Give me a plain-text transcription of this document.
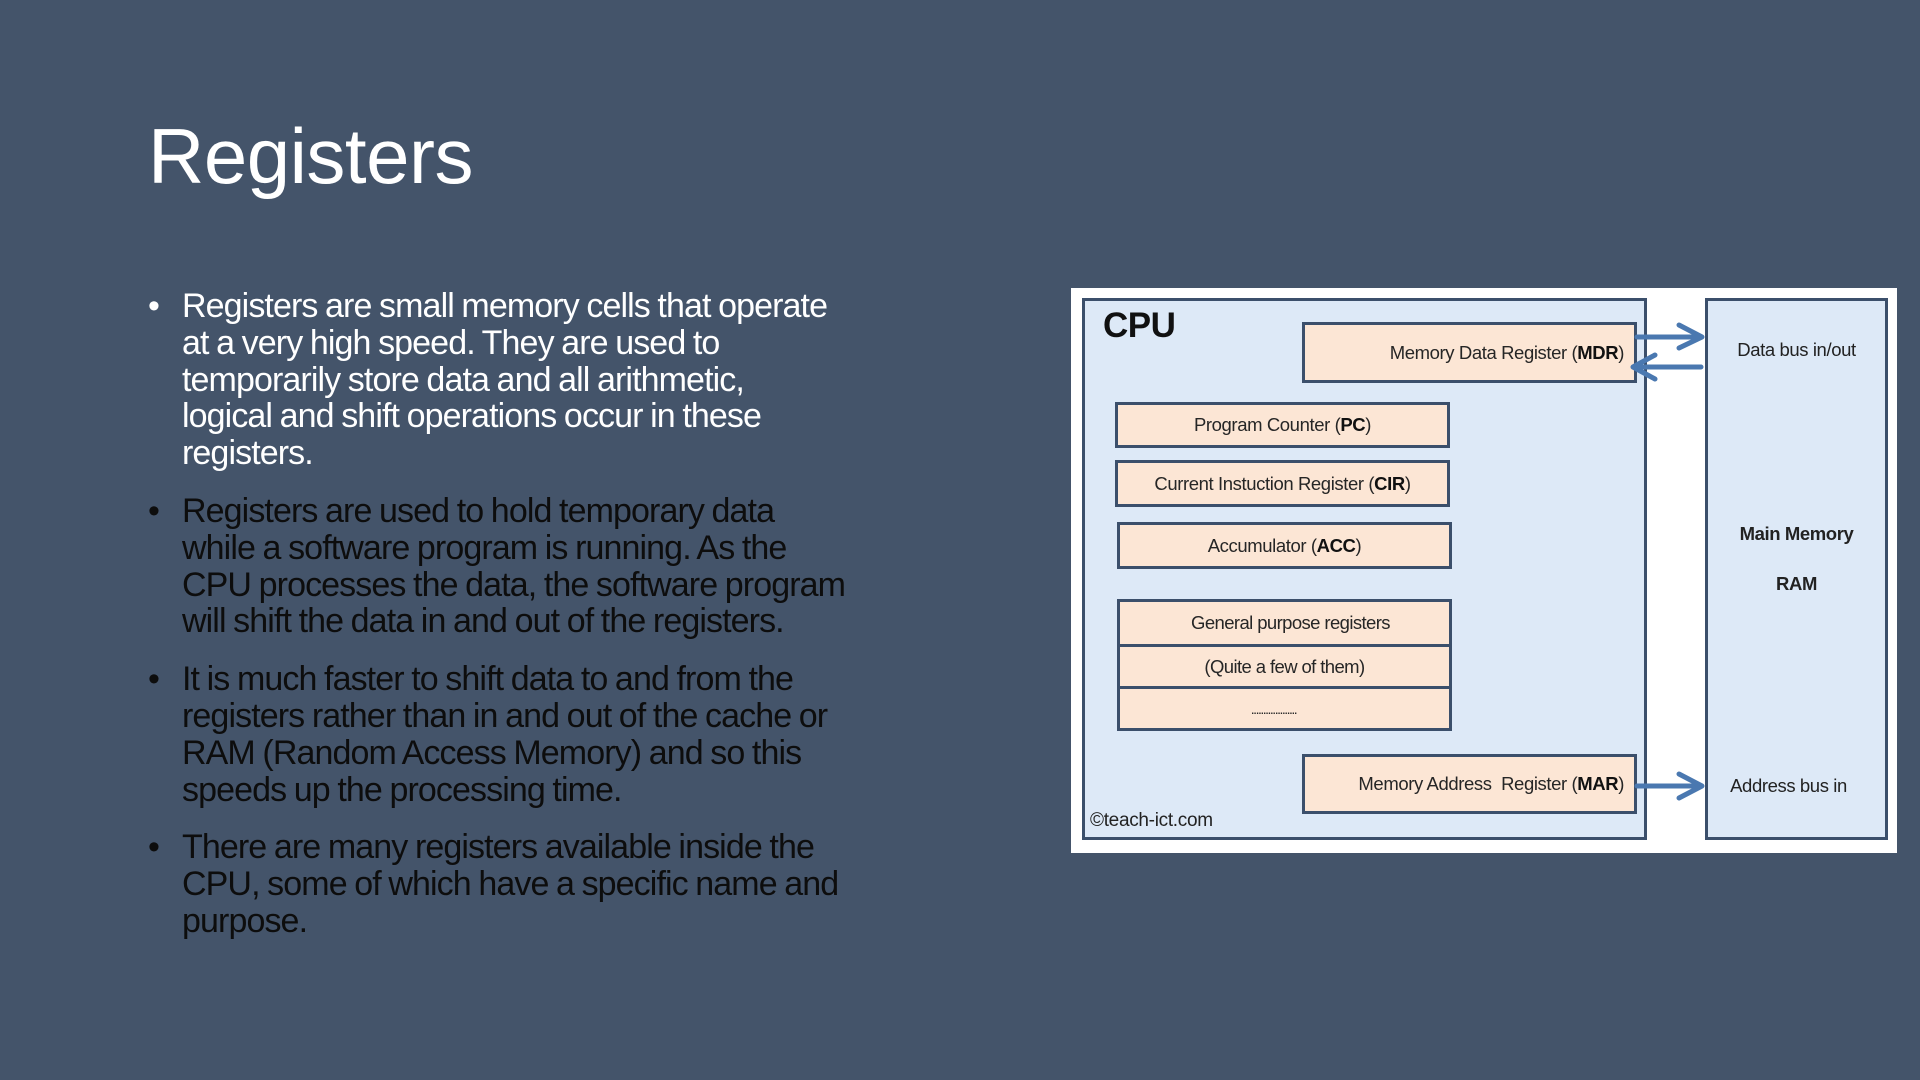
Registers
• Registers are small memory cells that operate
at a very high speed. They are used to
temporarily store data and all arithmetic,
logical and shift operations occur in these
registers.
• Registers are used to hold temporary data
while a software program is running. As the
CPU processes the data, the software program
will shift the data in and out of the registers.
• It is much faster to shift data to and from the
registers rather than in and out of the cache or
RAM (Random Access Memory) and so this
speeds up the processing time.
• There are many registers available inside the
CPU, some of which have a specific name and
purpose.
Data bus in/out
Main Memory
RAM
Address bus in
CPU
Memory Data Register ( MDR )
Program Counter ( PC )
Current Instuction Register ( CIR )
Accumulator ( ACC )
General purpose registers
(Quite a few of them)
...................
Memory Address  Register ( MAR )
©teach-ict.com
